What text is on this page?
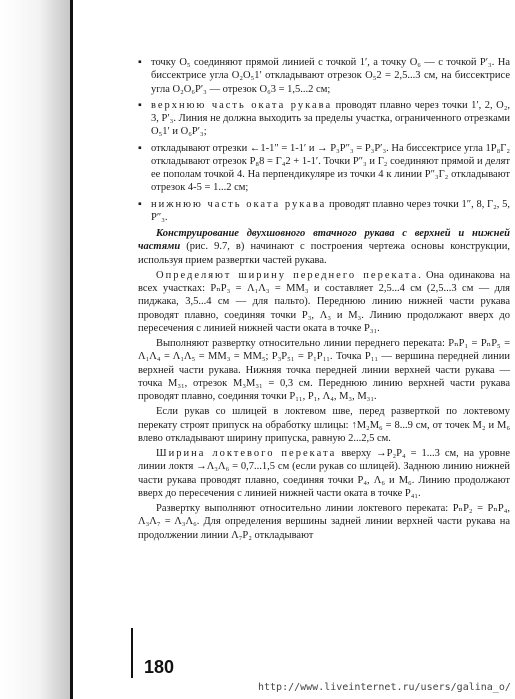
▪ точку O₅ соединяют прямой линией с точкой 1′, а точку O₆ — с точкой P′₃. На биссектрисе угла O₂O₅1′ откладывают отрезок O₅2 = 2,5...3 см, на биссектрисе угла O₂O₆P′₃ — отрезок O₆3 = 1,5...2 см;

▪ верхнюю часть оката рукава проводят плавно через точки 1′, 2, O₂, 3, P′₃. Линия не должна выходить за пределы участка, ограниченного отрезками O₅1′ и O₆P′₃;

▪ откладывают отрезки ←1-1″ = 1-1′ и → P₃P″₃ = P₃P′₃. На биссектрисе угла 1P₈Г₂ откладывают отрезок P₈8 = Г₄2 + 1-1′. Точки P″₃ и Г₂ соединяют прямой и делят ее пополам точкой 4. На перпендикуляре из точки 4 к линии P″₃Г₂ откладывают отрезок 4-5 = 1...2 см;

▪ нижнюю часть оката рукава проводят плавно через точки 1″, 8, Г₂, 5, P″₃.

Конструирование двухшовного втачного рукава с верхней и нижней частями (рис. 9.7, в) начинают с построения чертежа основы конструкции, используя прием развертки частей рукава.

Определяют ширину переднего переката. Она одинакова на всех участках: PₙP₃ = Λ₁Λ₃ = MM₃ и составляет 2,5...4 см (2,5...3 см — для пиджака, 3,5...4 см — для пальто). Переднюю линию нижней части рукава проводят плавно, соединяя точки P₃, Λ₃ и M₃. Линию продолжают вверх до пересечения с линией нижней части оката в точке P₃₁.

Выполняют развертку относительно линии переднего переката: PₙP₁ = PₙP₅ = Λ₁Λ₄ = Λ₁Λ₅ = MM₃ = MM₅; P₃P₅₁ = P₁P₁₁. Точка P₁₁ — вершина передней линии верхней части рукава. Нижняя точка передней линии верхней части рукава — точка M₃₁, отрезок M₃M₃₁ = 0,3 см. Переднюю линию верхней части рукава проводят плавно, соединяя точки P₁₁, P₁, Λ₄, M₃, M₃₁.

Если рукав со шлицей в локтевом шве, перед разверткой по локтевому перекату строят припуск на обработку шлицы: ↑M₂M₆ = 8...9 см, от точек M₂ и M₆ влево откладывают ширину припуска, равную 2...2,5 см.

Ширина локтевого переката вверху →P₂P₄ = 1...3 см, на уровне линии локтя →Λ₃Λ₆ = 0,7...1,5 см (если рукав со шлицей). Заднюю линию нижней части рукава проводят плавно, соединяя точки P₄, Λ₆ и M₆. Линию продолжают вверх до пересечения с линией нижней части оката в точке P₄₁.

Развертку выполняют относительно линии локтевого переката: PₙP₂ = PₙP₄, Λ₃Λ₇ = Λ₃Λ₆. Для определения вершины задней линии верхней части рукава на продолжении линии Λ₇P₂ откладывают

180
http://www.liveinternet.ru/users/galina_o/
